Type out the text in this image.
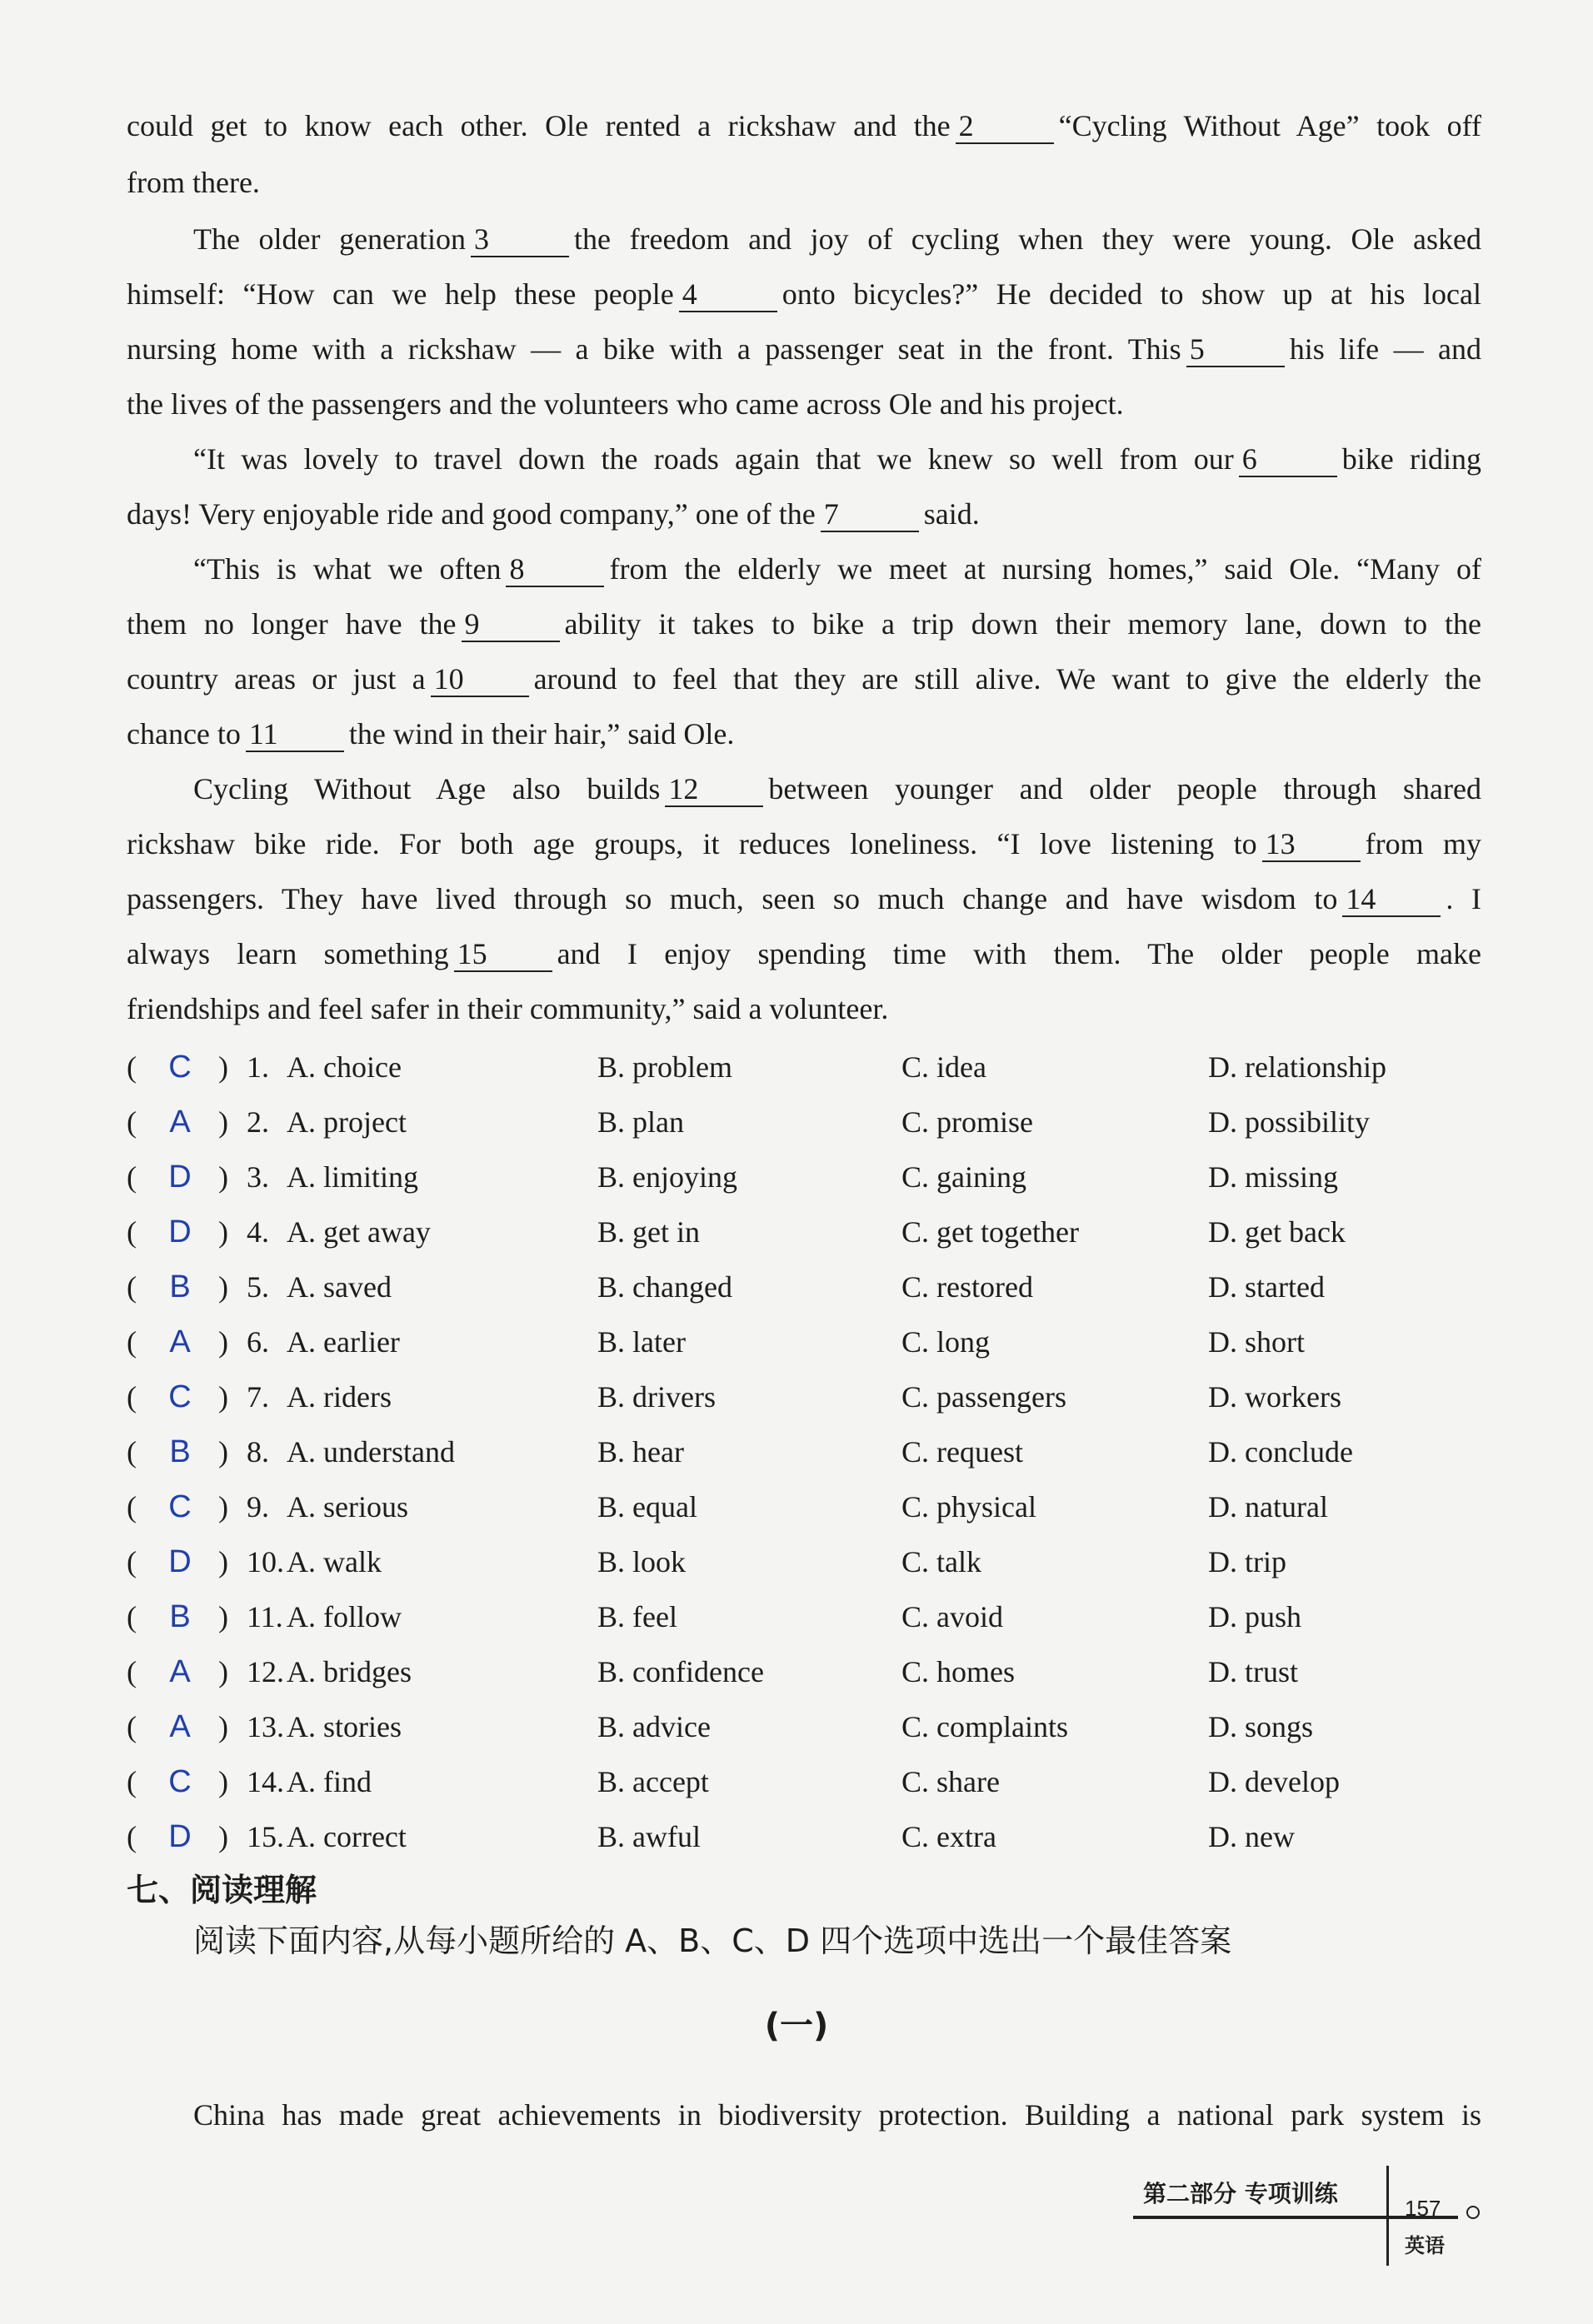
could get to know each other. Ole rented a rickshaw and the 2	“Cycling Without Age” took off
from there.
The older generation 3	the freedom and joy of cycling when they were young. Ole asked
himself: “How can we help these people 4	onto bicycles?” He decided to show up at his local
nursing home with a rickshaw — a bike with a passenger seat in the front. This 5	his life — and
the lives of the passengers and the volunteers who came across Ole and his project.
“It was lovely to travel down the roads again that we knew so well from our 6	bike riding
days! Very enjoyable ride and good company,” one of the 7	said.
“This is what we often 8	from the elderly we meet at nursing homes,” said Ole. “Many of
them no longer have the 9	ability it takes to bike a trip down their memory lane, down to the
country areas or just a 10 around to feel that they are still alive. We want to give the elderly the
chance to 11 the wind in their hair,” said Ole.
Cycling Without Age also builds 12 between younger and older people through shared
rickshaw bike ride. For both age groups, it reduces loneliness. “I love listening to 13 from my
passengers. They have lived through so much, seen so much change and have wisdom to 14 . I
always learn something 15 and I enjoy spending time with them. The older people make
friendships and feel safer in their community,” said a volunteer.
( C ) 1. A. choice	B. problem	C. idea	D. relationship
( A ) 2. A. project	B. plan	C. promise	D. possibility
( D ) 3. A. limiting	B. enjoying	C. gaining	D. missing
( D ) 4. A. get away	B. get in	C. get together	D. get back
( B ) 5. A. saved	B. changed	C. restored	D. started
( A ) 6. A. earlier	B. later	C. long	D. short
( C ) 7. A. riders	B. drivers	C. passengers	D. workers
( B ) 8. A. understand	B. hear	C. request	D. conclude
( C ) 9. A. serious	B. equal	C. physical	D. natural
( D ) 10. A. walk	B. look	C. talk	D. trip
( B ) 11. A. follow	B. feel	C. avoid	D. push
( A ) 12. A. bridges	B. confidence	C. homes	D. trust
( A ) 13. A. stories	B. advice	C. complaints	D. songs
( C ) 14. A. find	B. accept	C. share	D. develop
( D ) 15. A. correct	B. awful	C. extra	D. new
七、阅读理解
阅读下面内容,从每小题所给的 A、B、C、D 四个选项中选出一个最佳答案
(一)
China has made great achievements in biodiversity protection. Building a national park system is
第二部分 专项训练
157
英语
